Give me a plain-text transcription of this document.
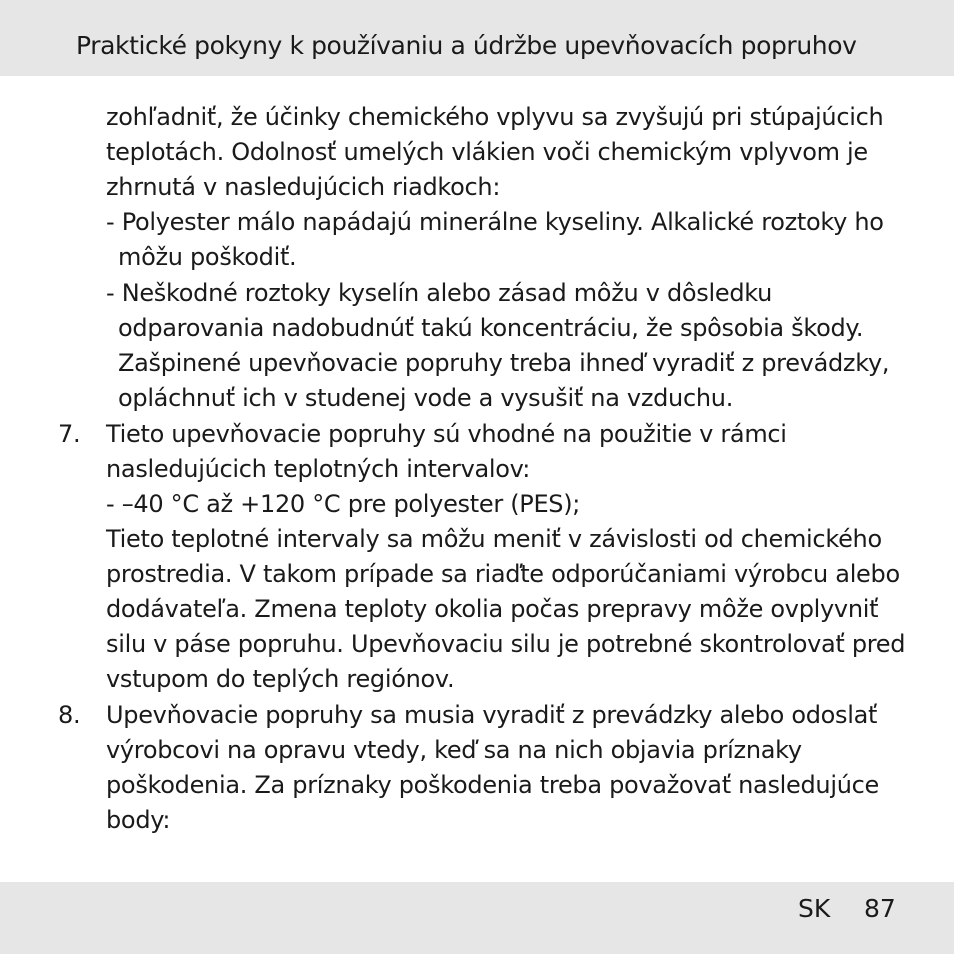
Praktické pokyny k používaniu a údržbe upevňovacích popruhov
zohľadniť, že účinky chemického vplyvu sa zvyšujú pri stúpajúcich
teplotách. Odolnosť umelých vlákien voči chemickým vplyvom je
zhrnutá v nasledujúcich riadkoch:
- Polyester málo napádajú minerálne kyseliny. Alkalické roztoky ho
môžu poškodiť.
- Neškodné roztoky kyselín alebo zásad môžu v dôsledku
odparovania nadobudnúť takú koncentráciu, že spôsobia škody.
Zašpinené upevňovacie popruhy treba ihneď vyradiť z prevádzky,
opláchnuť ich v studenej vode a vysušiť na vzduchu.
7. Tieto upevňovacie popruhy sú vhodné na použitie v rámci
nasledujúcich teplotných intervalov:
- –40 °C až +120 °C pre polyester (PES);
Tieto teplotné intervaly sa môžu meniť v závislosti od chemického
prostredia. V takom prípade sa riaďte odporúčaniami výrobcu alebo
dodávateľa. Zmena teploty okolia počas prepravy môže ovplyvniť
silu v páse popruhu. Upevňovaciu silu je potrebné skontrolovať pred
vstupom do teplých regiónov.
8. Upevňovacie popruhy sa musia vyradiť z prevádzky alebo odoslať
výrobcovi na opravu vtedy, keď sa na nich objavia príznaky
poškodenia. Za príznaky poškodenia treba považovať nasledujúce
body:
SK 87
